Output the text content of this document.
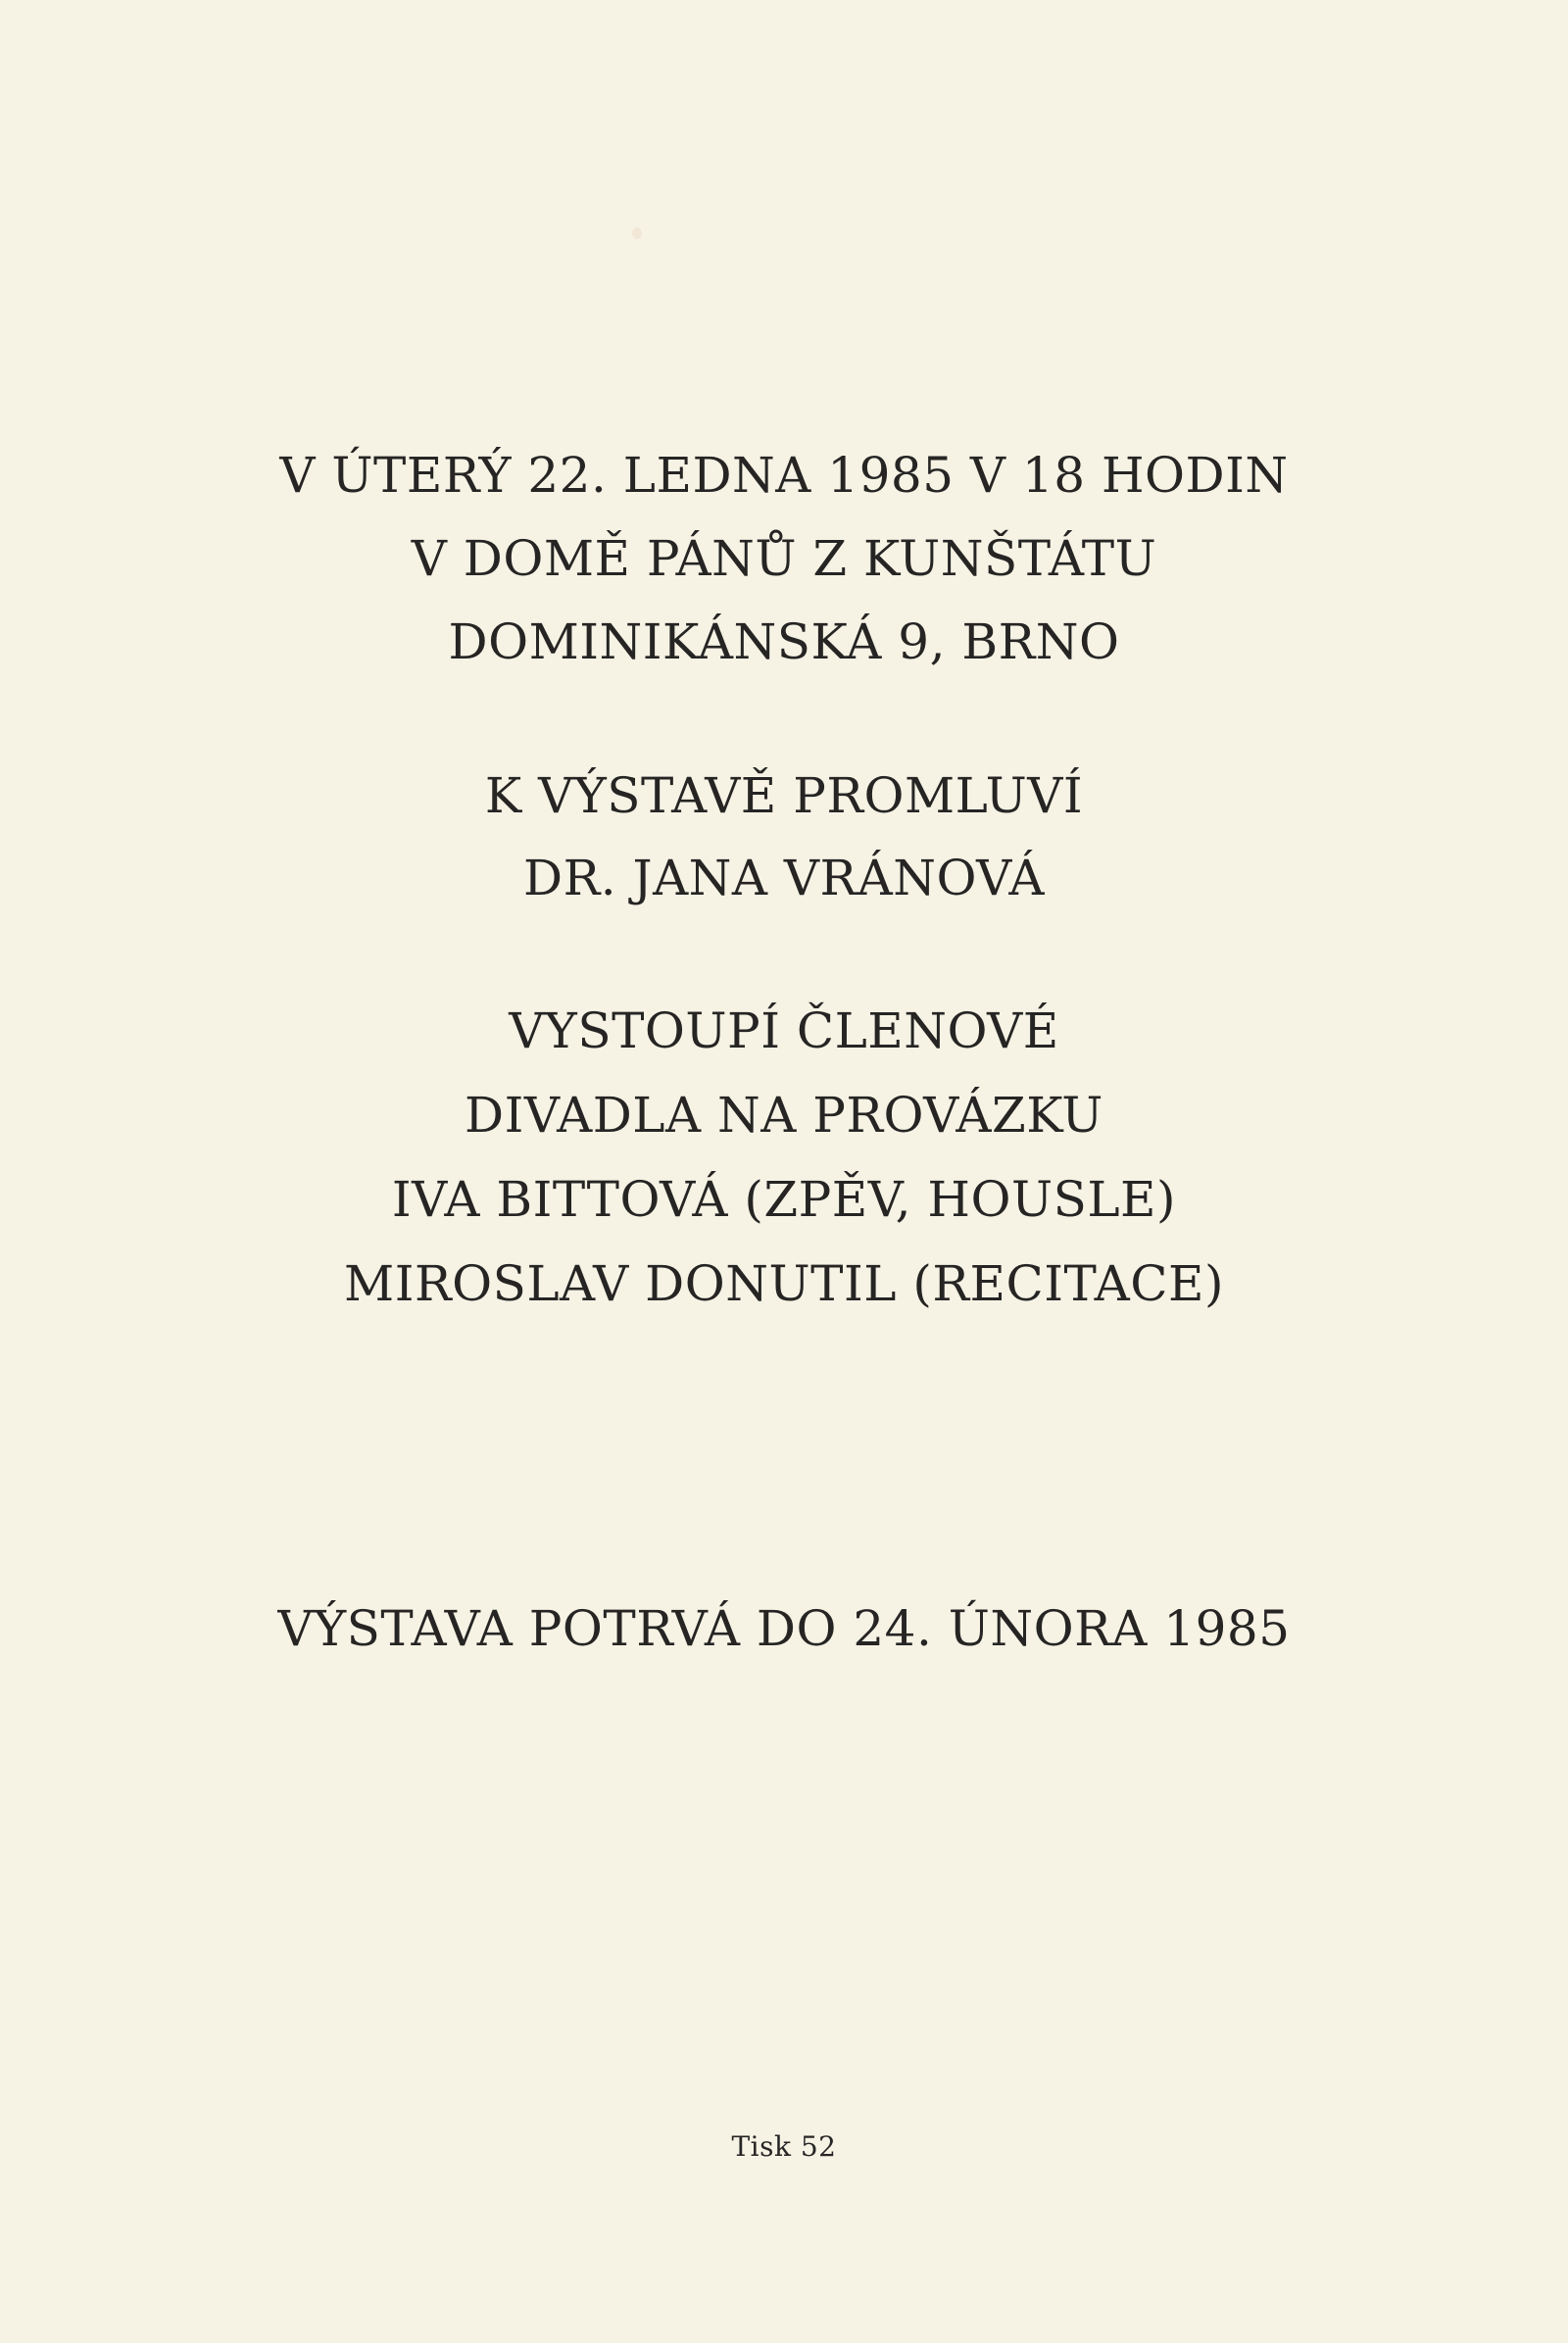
V ÚTERÝ 22. LEDNA 1985 V 18 HODIN
V DOMĚ PÁNŮ Z KUNŠTÁTU
DOMINIKÁNSKÁ 9, BRNO
K VÝSTAVĚ PROMLUVÍ
DR. JANA VRÁNOVÁ
VYSTOUPÍ ČLENOVÉ
DIVADLA NA PROVÁZKU
IVA BITTOVÁ (ZPĚV, HOUSLE)
MIROSLAV DONUTIL (RECITACE)
VÝSTAVA POTRVÁ DO 24. ÚNORA 1985
Tisk 52
